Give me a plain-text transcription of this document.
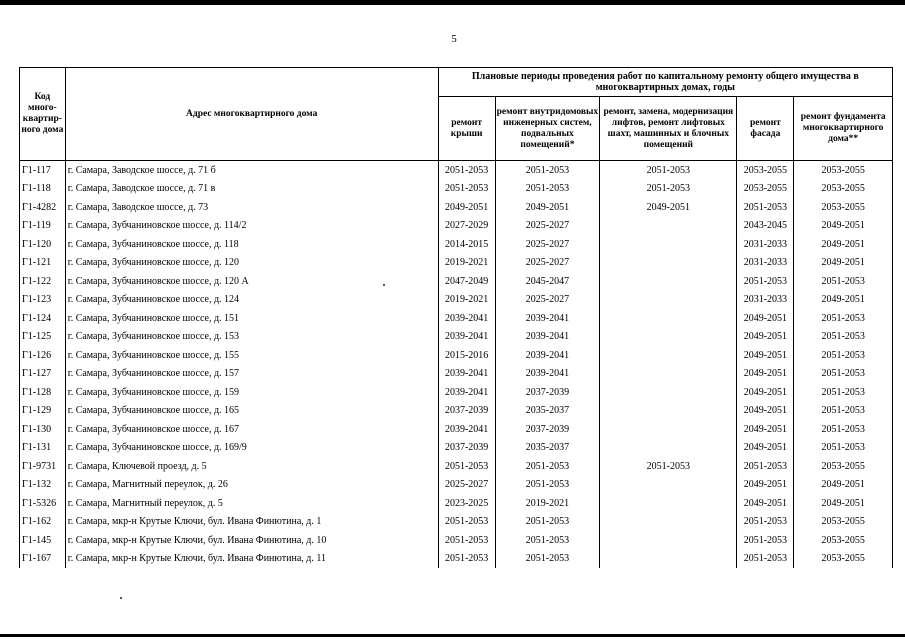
5
Код много-квартир-ного дома	Адрес многоквартирного дома	Плановые периоды проведения работ по капитальному ремонту общего имущества в многоквартирных домах, годы				
		ремонт крыши	ремонт внутридомовых инженерных систем, подвальных помещений*	ремонт, замена, модернизация лифтов, ремонт лифтовых шахт, машинных и блочных помещений	ремонт фасада	ремонт фундамента многоквартирного дома**
Г1-117	г. Самара, Заводское шоссе, д. 71 б	2051-2053	2051-2053	2051-2053	2053-2055	2053-2055
Г1-118	г. Самара, Заводское шоссе, д. 71 в	2051-2053	2051-2053	2051-2053	2053-2055	2053-2055
Г1-4282	г. Самара, Заводское шоссе, д. 73	2049-2051	2049-2051	2049-2051	2051-2053	2053-2055
Г1-119	г. Самара, Зубчаниновское шоссе, д. 114/2	2027-2029	2025-2027		2043-2045	2049-2051
Г1-120	г. Самара, Зубчаниновское шоссе, д. 118	2014-2015	2025-2027		2031-2033	2049-2051
Г1-121	г. Самара, Зубчаниновское шоссе, д. 120	2019-2021	2025-2027		2031-2033	2049-2051
Г1-122	г. Самара, Зубчаниновское шоссе, д. 120 А	2047-2049	2045-2047		2051-2053	2051-2053
Г1-123	г. Самара, Зубчаниновское шоссе, д. 124	2019-2021	2025-2027		2031-2033	2049-2051
Г1-124	г. Самара, Зубчаниновское шоссе, д. 151	2039-2041	2039-2041		2049-2051	2051-2053
Г1-125	г. Самара, Зубчаниновское шоссе, д. 153	2039-2041	2039-2041		2049-2051	2051-2053
Г1-126	г. Самара, Зубчаниновское шоссе, д. 155	2015-2016	2039-2041		2049-2051	2051-2053
Г1-127	г. Самара, Зубчаниновское шоссе, д. 157	2039-2041	2039-2041		2049-2051	2051-2053
Г1-128	г. Самара, Зубчаниновское шоссе, д. 159	2039-2041	2037-2039		2049-2051	2051-2053
Г1-129	г. Самара, Зубчаниновское шоссе, д. 165	2037-2039	2035-2037		2049-2051	2051-2053
Г1-130	г. Самара, Зубчаниновское шоссе, д. 167	2039-2041	2037-2039		2049-2051	2051-2053
Г1-131	г. Самара, Зубчаниновское шоссе, д. 169/9	2037-2039	2035-2037		2049-2051	2051-2053
Г1-9731	г. Самара, Ключевой проезд, д. 5	2051-2053	2051-2053	2051-2053	2051-2053	2053-2055
Г1-132	г. Самара, Магнитный переулок, д. 26	2025-2027	2051-2053		2049-2051	2049-2051
Г1-5326	г. Самара, Магнитный переулок, д. 5	2023-2025	2019-2021		2049-2051	2049-2051
Г1-162	г. Самара, мкр-н Крутые Ключи, бул. Ивана Финютина, д. 1	2051-2053	2051-2053		2051-2053	2053-2055
Г1-145	г. Самара, мкр-н Крутые Ключи, бул. Ивана Финютина, д. 10	2051-2053	2051-2053		2051-2053	2053-2055
Г1-167	г. Самара, мкр-н Крутые Ключи, бул. Ивана Финютина, д. 11	2051-2053	2051-2053		2051-2053	2053-2055
